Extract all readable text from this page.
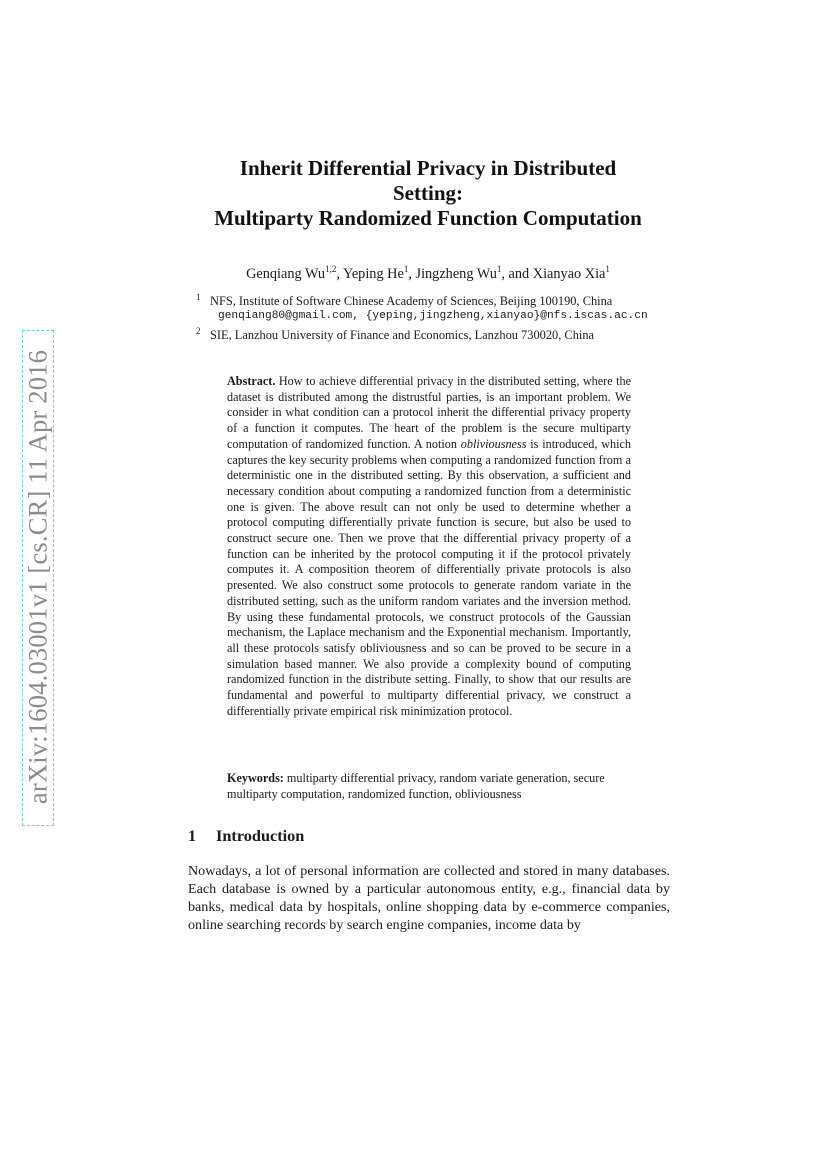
arXiv:1604.03001v1 [cs.CR] 11 Apr 2016
Inherit Differential Privacy in Distributed
Setting:
Multiparty Randomized Function Computation
Genqiang Wu$^{1,2}$, Yeping He$^1$, Jingzheng Wu$^1$, and Xianyao Xia$^1$
$^1$ NFS, Institute of Software Chinese Academy of Sciences, Beijing 100190, China
genqiang80@gmail.com, {yeping,jingzheng,xianyao}@nfs.iscas.ac.cn
$^2$ SIE, Lanzhou University of Finance and Economics, Lanzhou 730020, China
Abstract. How to achieve differential privacy in the distributed setting, where the dataset is distributed among the distrustful parties, is an important problem. We consider in what condition can a protocol inherit the differential privacy property of a function it computes. The heart of the problem is the secure multiparty computation of randomized function. A notion obliviousness is introduced, which captures the key security problems when computing a randomized function from a deterministic one in the distributed setting. By this observation, a sufficient and necessary condition about computing a randomized function from a deterministic one is given. The above result can not only be used to determine whether a protocol computing differentially private function is secure, but also be used to construct secure one. Then we prove that the differential privacy property of a function can be inherited by the protocol computing it if the protocol privately computes it. A composition theorem of differentially private protocols is also presented. We also construct some protocols to generate random variate in the distributed setting, such as the uniform random variates and the inversion method. By using these fundamental protocols, we construct protocols of the Gaussian mechanism, the Laplace mechanism and the Exponential mechanism. Importantly, all these protocols satisfy obliviousness and so can be proved to be secure in a simulation based manner. We also provide a complexity bound of computing randomized function in the distribute setting. Finally, to show that our results are fundamental and powerful to multiparty differential privacy, we construct a differentially private empirical risk minimization protocol.
Keywords: multiparty differential privacy, random variate generation, secure multiparty computation, randomized function, obliviousness
1 Introduction
Nowadays, a lot of personal information are collected and stored in many databases. Each database is owned by a particular autonomous entity, e.g., financial data by banks, medical data by hospitals, online shopping data by e-commerce companies, online searching records by search engine companies, income data by
